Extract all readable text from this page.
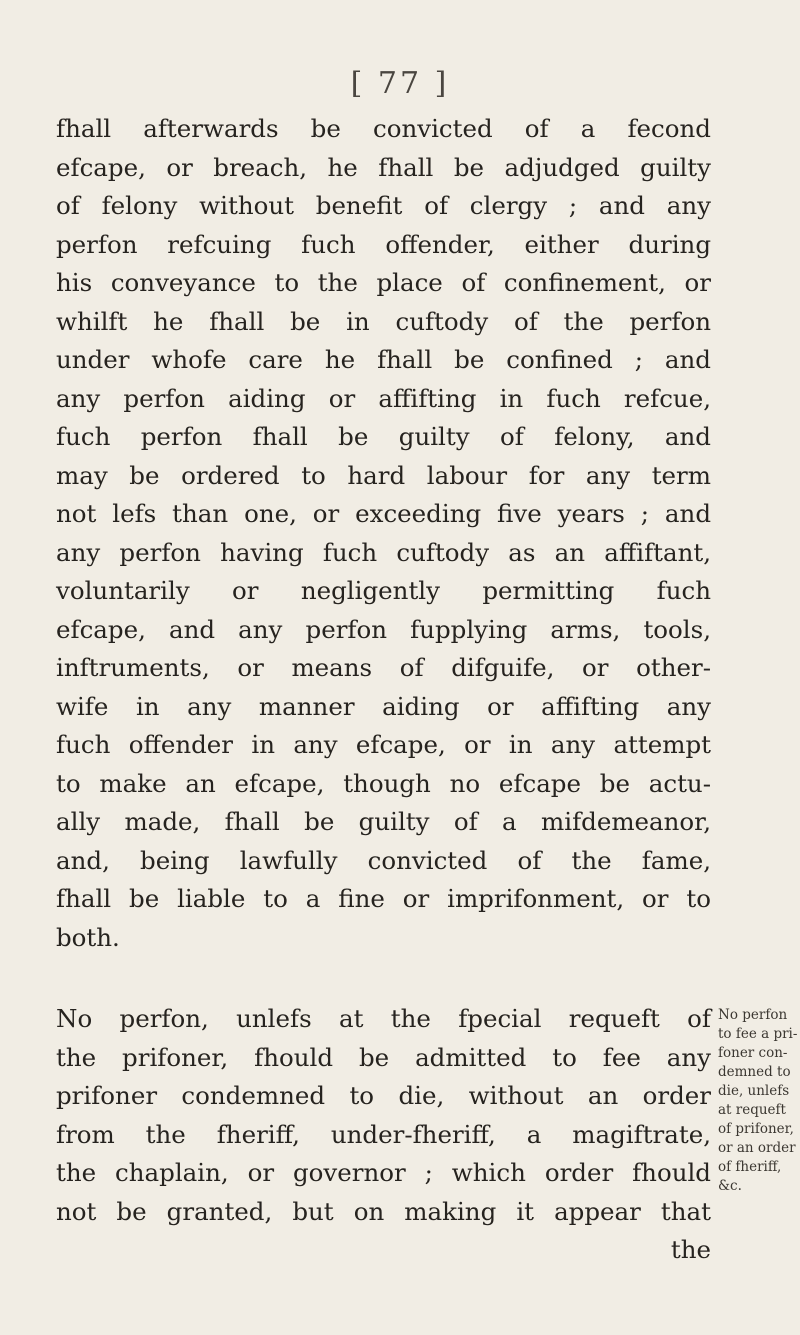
[ 77 ]

fhall afterwards be convicted of a fecond
efcape, or breach, he fhall be adjudged guilty
of felony without benefit of clergy ; and any
perfon refcuing fuch offender, either during
his conveyance to the place of confinement, or
whilft he fhall be in cuftody of the perfon
under whofe care he fhall be confined ; and
any perfon aiding or affifting in fuch refcue,
fuch perfon fhall be guilty of felony, and
may be ordered to hard labour for any term
not lefs than one, or exceeding five years ; and
any perfon having fuch cuftody as an affiftant,
voluntarily or negligently permitting fuch
efcape, and any perfon fupplying arms, tools,
inftruments, or means of difguife, or other-
wife in any manner aiding or affifting any
fuch offender in any efcape, or in any attempt
to make an efcape, though no efcape be actu-
ally made, fhall be guilty of a mifdemeanor,
and, being lawfully convicted of the fame,
fhall be liable to a fine or imprifonment, or to
both.

No perfon, unlefs at the fpecial requeft of
the prifoner, fhould be admitted to fee any
prifoner condemned to die, without an order
from the fheriff, under-fheriff, a magiftrate,
the chaplain, or governor ; which order fhould
not be granted, but on making it appear that
the

No perfon
to fee a pri-
foner con-
demned to
die, unlefs
at requeft
of prifoner,
or an order
of fheriff,
&c.
